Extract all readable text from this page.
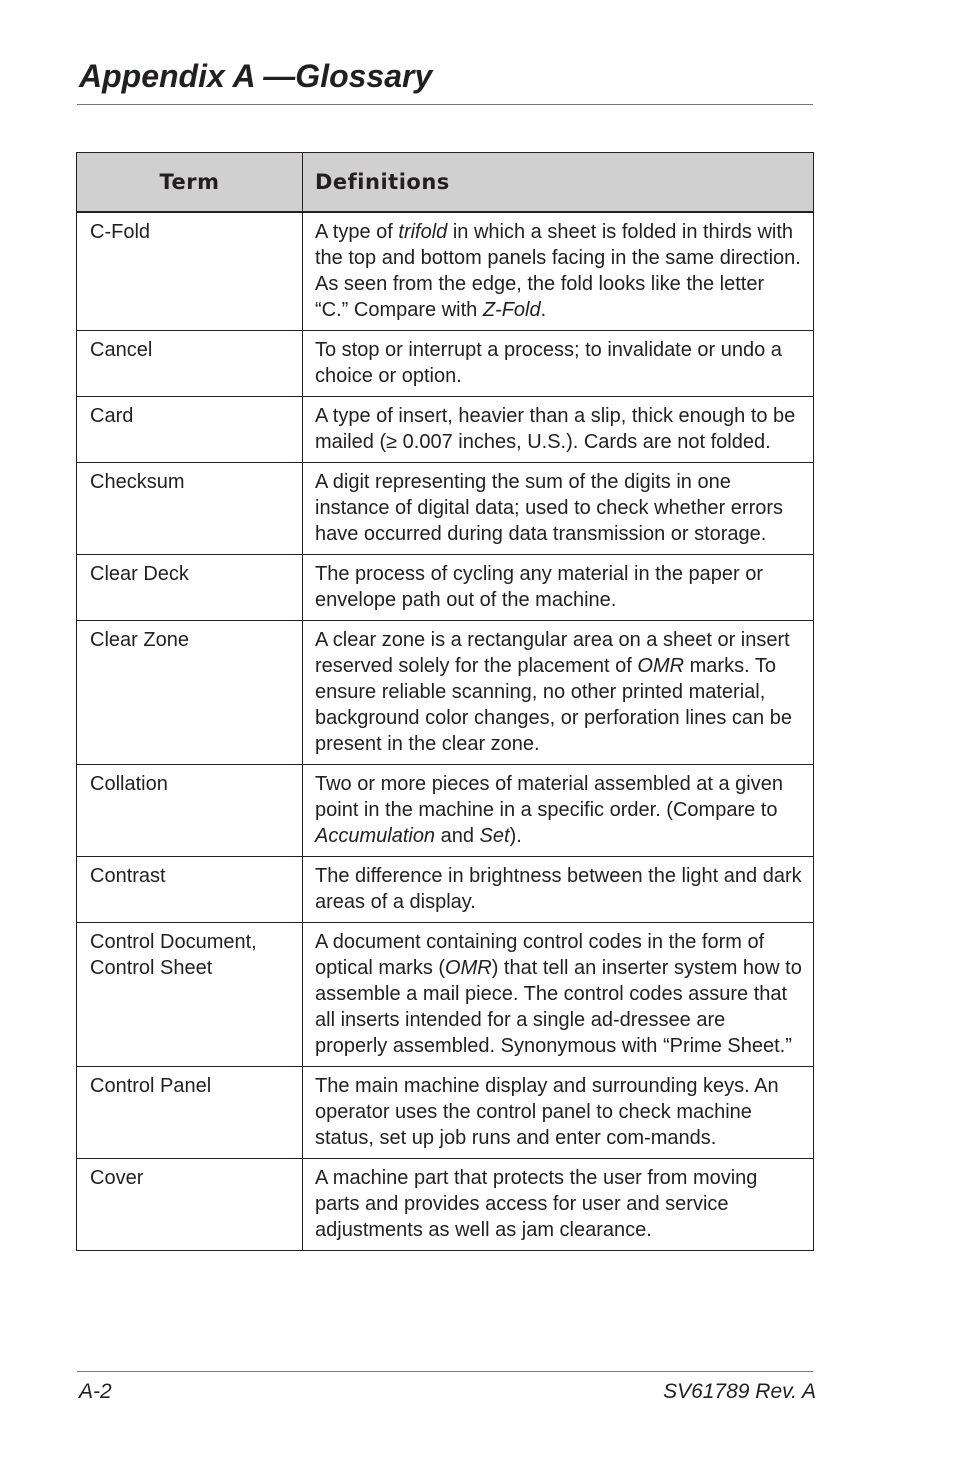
Appendix A —Glossary
Term	Definitions
C-Fold	A type of trifold in which a sheet is folded in thirds with the top and bottom panels facing in the same direction. As seen from the edge, the fold looks like the letter “C.” Compare with Z-Fold.
Cancel	To stop or interrupt a process; to invalidate or undo a choice or option.
Card	A type of insert, heavier than a slip, thick enough to be mailed (≥ 0.007 inches, U.S.). Cards are not folded.
Checksum	A digit representing the sum of the digits in one instance of digital data; used to check whether errors have occurred during data transmission or storage.
Clear Deck	The process of cycling any material in the paper or envelope path out of the machine.
Clear Zone	A clear zone is a rectangular area on a sheet or insert reserved solely for the placement of OMR marks. To ensure reliable scanning, no other printed material, background color changes, or perforation lines can be present in the clear zone.
Collation	Two or more pieces of material assembled at a given point in the machine in a specific order. (Compare to Accumulation and Set).
Contrast	The difference in brightness between the light and dark areas of a display.
Control Document, Control Sheet	A document containing control codes in the form of optical marks (OMR) that tell an inserter system how to assemble a mail piece. The control codes assure that all inserts intended for a single ad-dressee are properly assembled. Synonymous with “Prime Sheet.”
Control Panel	The main machine display and surrounding keys. An operator uses the control panel to check machine status, set up job runs and enter com-mands.
Cover	A machine part that protects the user from moving parts and provides access for user and service adjustments as well as jam clearance.
A-2	SV61789 Rev. A
